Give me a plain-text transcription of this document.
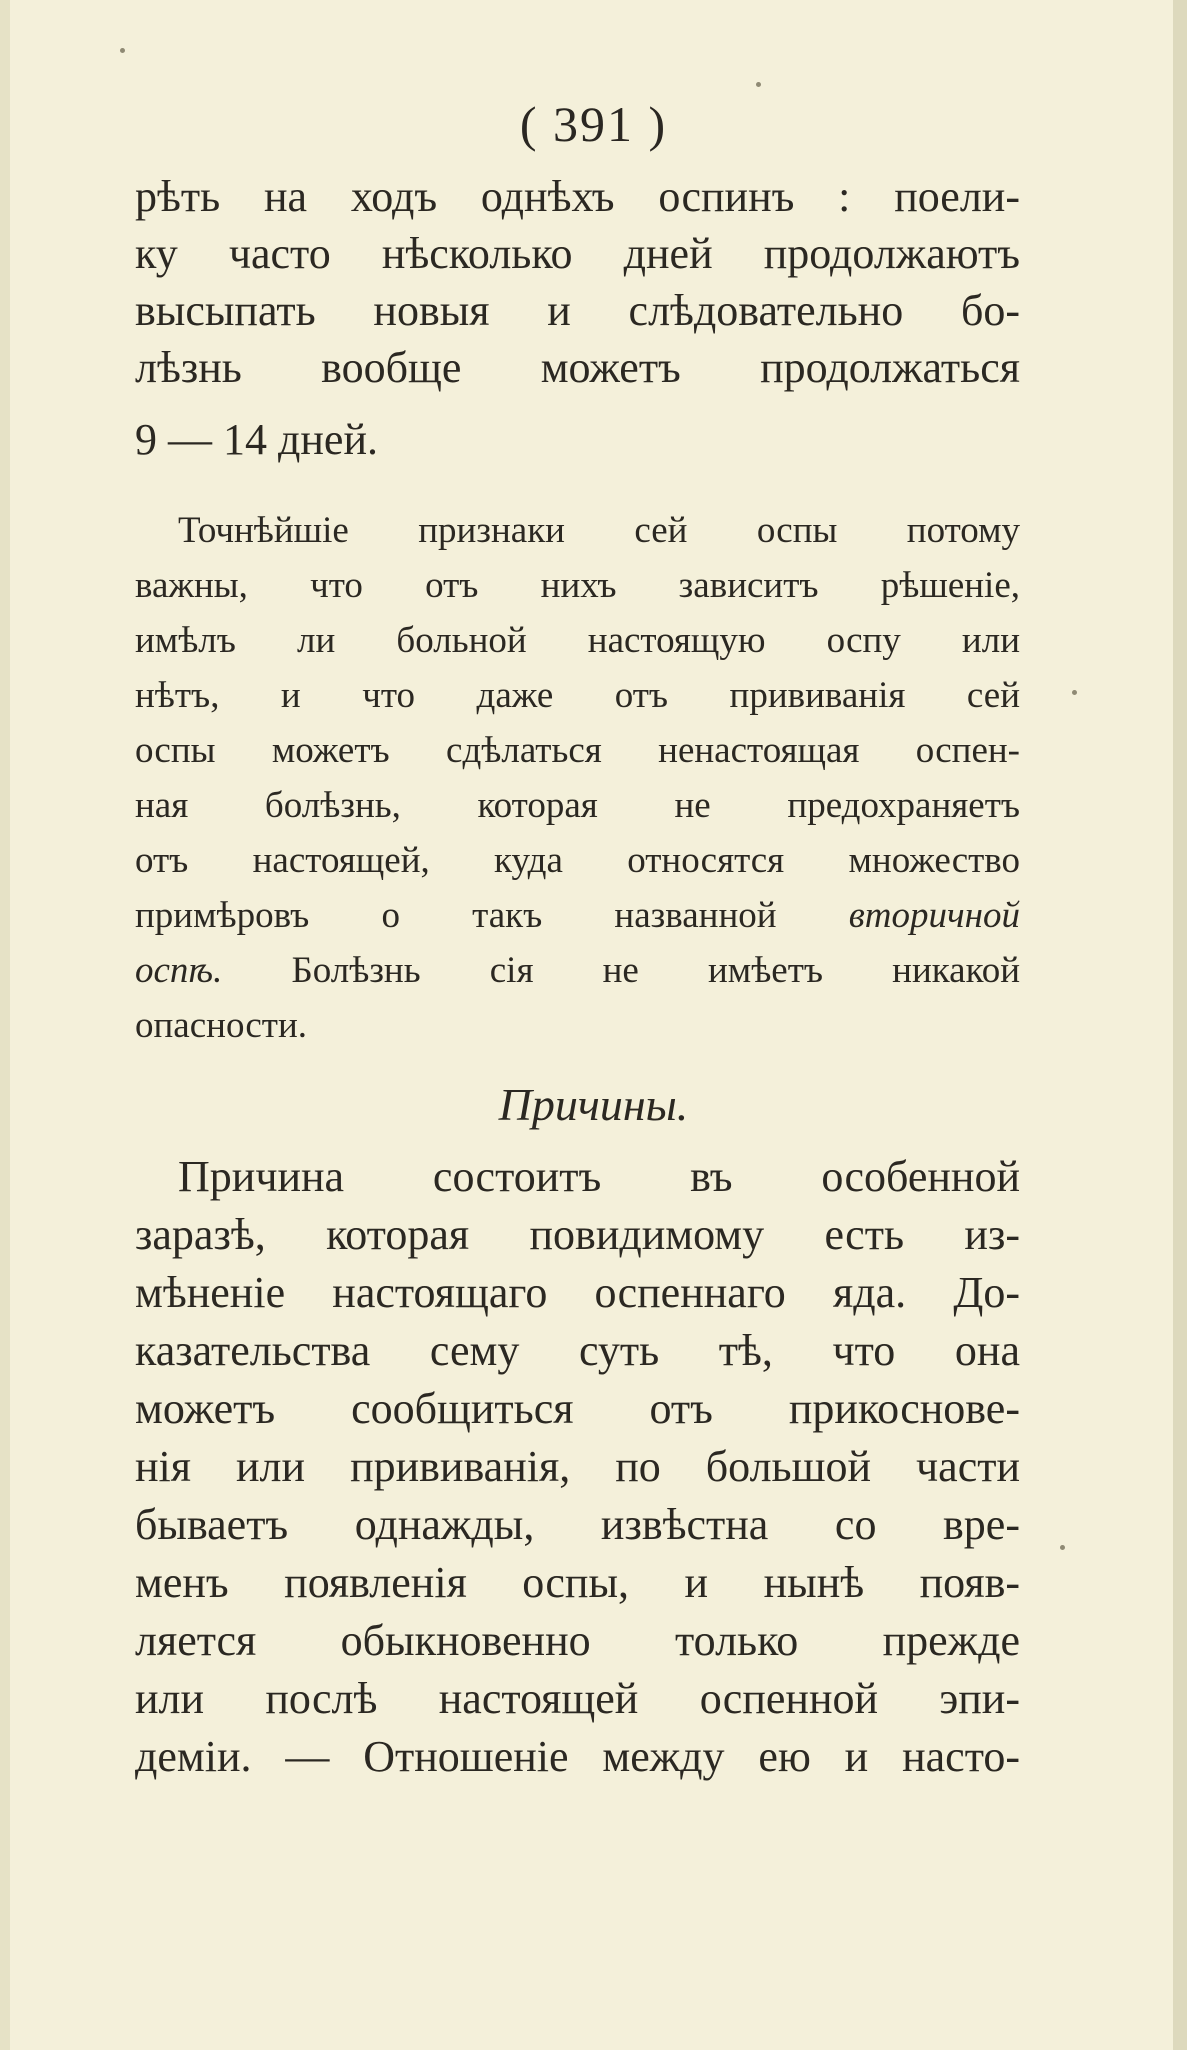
( 391 )
рѣть на ходъ однѣхъ оспинъ : поели-
ку часто нѣсколько дней продолжаютъ
высыпать новыя и слѣдовательно бо-
лѣзнь вообще можетъ продолжаться
9 — 14 дней.
Точнѣйшіе признаки сей оспы потому
важны, что отъ нихъ зависитъ рѣшеніе,
имѣлъ ли больной настоящую оспу или
нѣтъ, и что даже отъ прививанія сей
оспы можетъ сдѣлаться ненастоящая оспен-
ная болѣзнь, которая не предохраняетъ
отъ настоящей, куда относятся множество
примѣровъ о такъ названной вторичной
оспѣ. Болѣзнь сія не имѣетъ никакой
опасности.
Причины.
Причина состоитъ въ особенной
заразѣ, которая повидимому есть из-
мѣненіе настоящаго оспеннаго яда. До-
казательства сему суть тѣ, что она
можетъ сообщиться отъ прикоснове-
нія или прививанія, по большой части
бываетъ однажды, извѣстна со вре-
менъ появленія оспы, и нынѣ появ-
ляется обыкновенно только прежде
или послѣ настоящей оспенной эпи-
деміи. — Отношеніе между ею и насто-
